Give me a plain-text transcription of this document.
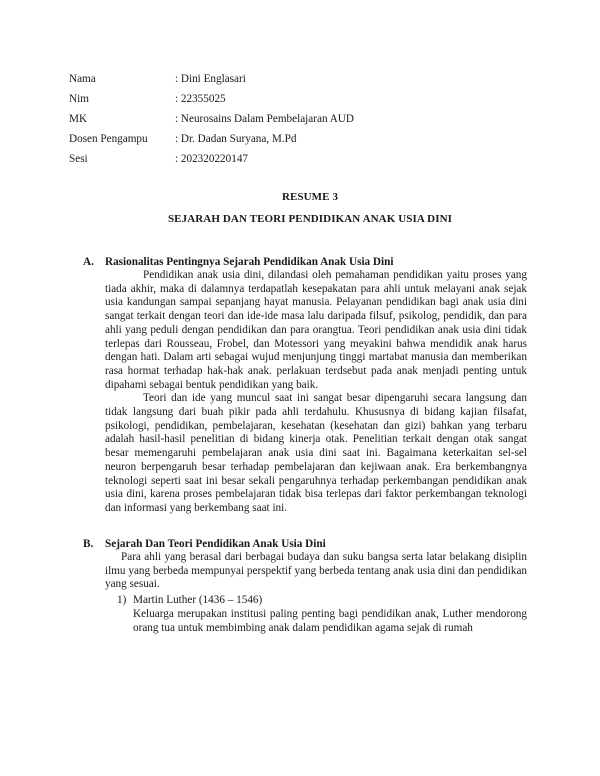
Nama	: Dini Englasari
Nim	: 22355025
MK	: Neurosains Dalam Pembelajaran AUD
Dosen Pengampu	: Dr. Dadan Suryana, M.Pd
Sesi	: 202320220147
RESUME 3
SEJARAH DAN TEORI PENDIDIKAN ANAK USIA DINI
A. Rasionalitas Pentingnya Sejarah Pendidikan Anak Usia Dini

Pendidikan anak usia dini, dilandasi oleh pemahaman pendidikan yaitu proses yang tiada akhir, maka di dalamnya terdapatlah kesepakatan para ahli untuk melayani anak sejak usia kandungan sampai sepanjang hayat manusia. Pelayanan pendidikan bagi anak usia dini sangat terkait dengan teori dan ide-ide masa lalu daripada filsuf, psikolog, pendidik, dan para ahli yang peduli dengan pendidikan dan para orangtua. Teori pendidikan anak usia dini tidak terlepas dari Rousseau, Frobel, dan Motessori yang meyakini bahwa mendidik anak harus dengan hati. Dalam arti sebagai wujud menjunjung tinggi martabat manusia dan memberikan rasa hormat terhadap hak-hak anak. perlakuan terdsebut pada anak menjadi penting untuk dipahami sebagai bentuk pendidikan yang baik.

Teori dan ide yang muncul saat ini sangat besar dipengaruhi secara langsung dan tidak langsung dari buah pikir pada ahli terdahulu. Khususnya di bidang kajian filsafat, psikologi, pendidikan, pembelajaran, kesehatan (kesehatan dan gizi) bahkan yang terbaru adalah hasil-hasil penelitian di bidang kinerja otak. Penelitian terkait dengan otak sangat besar memengaruhi pembelajaran anak usia dini saat ini. Bagaimana keterkaitan sel-sel neuron berpengaruh besar terhadap pembelajaran dan kejiwaan anak. Era berkembangnya teknologi seperti saat ini besar sekali pengaruhnya terhadap perkembangan pendidikan anak usia dini, karena proses pembelajaran tidak bisa terlepas dari faktor perkembangan teknologi dan informasi yang berkembang saat ini.

B.	Sejarah Dan Teori Pendidikan Anak Usia Dini

Para ahli yang berasal dari berbagai budaya dan suku bangsa serta latar belakang disiplin ilmu yang berbeda mempunyai perspektif yang berbeda tentang anak usia dini dan pendidikan yang sesuai.

1) Martin Luther (1436 – 1546)
Keluarga merupakan institusi paling penting bagi pendidikan anak, Luther mendorong orang tua untuk membimbing anak dalam pendidikan agama sejak di rumah
